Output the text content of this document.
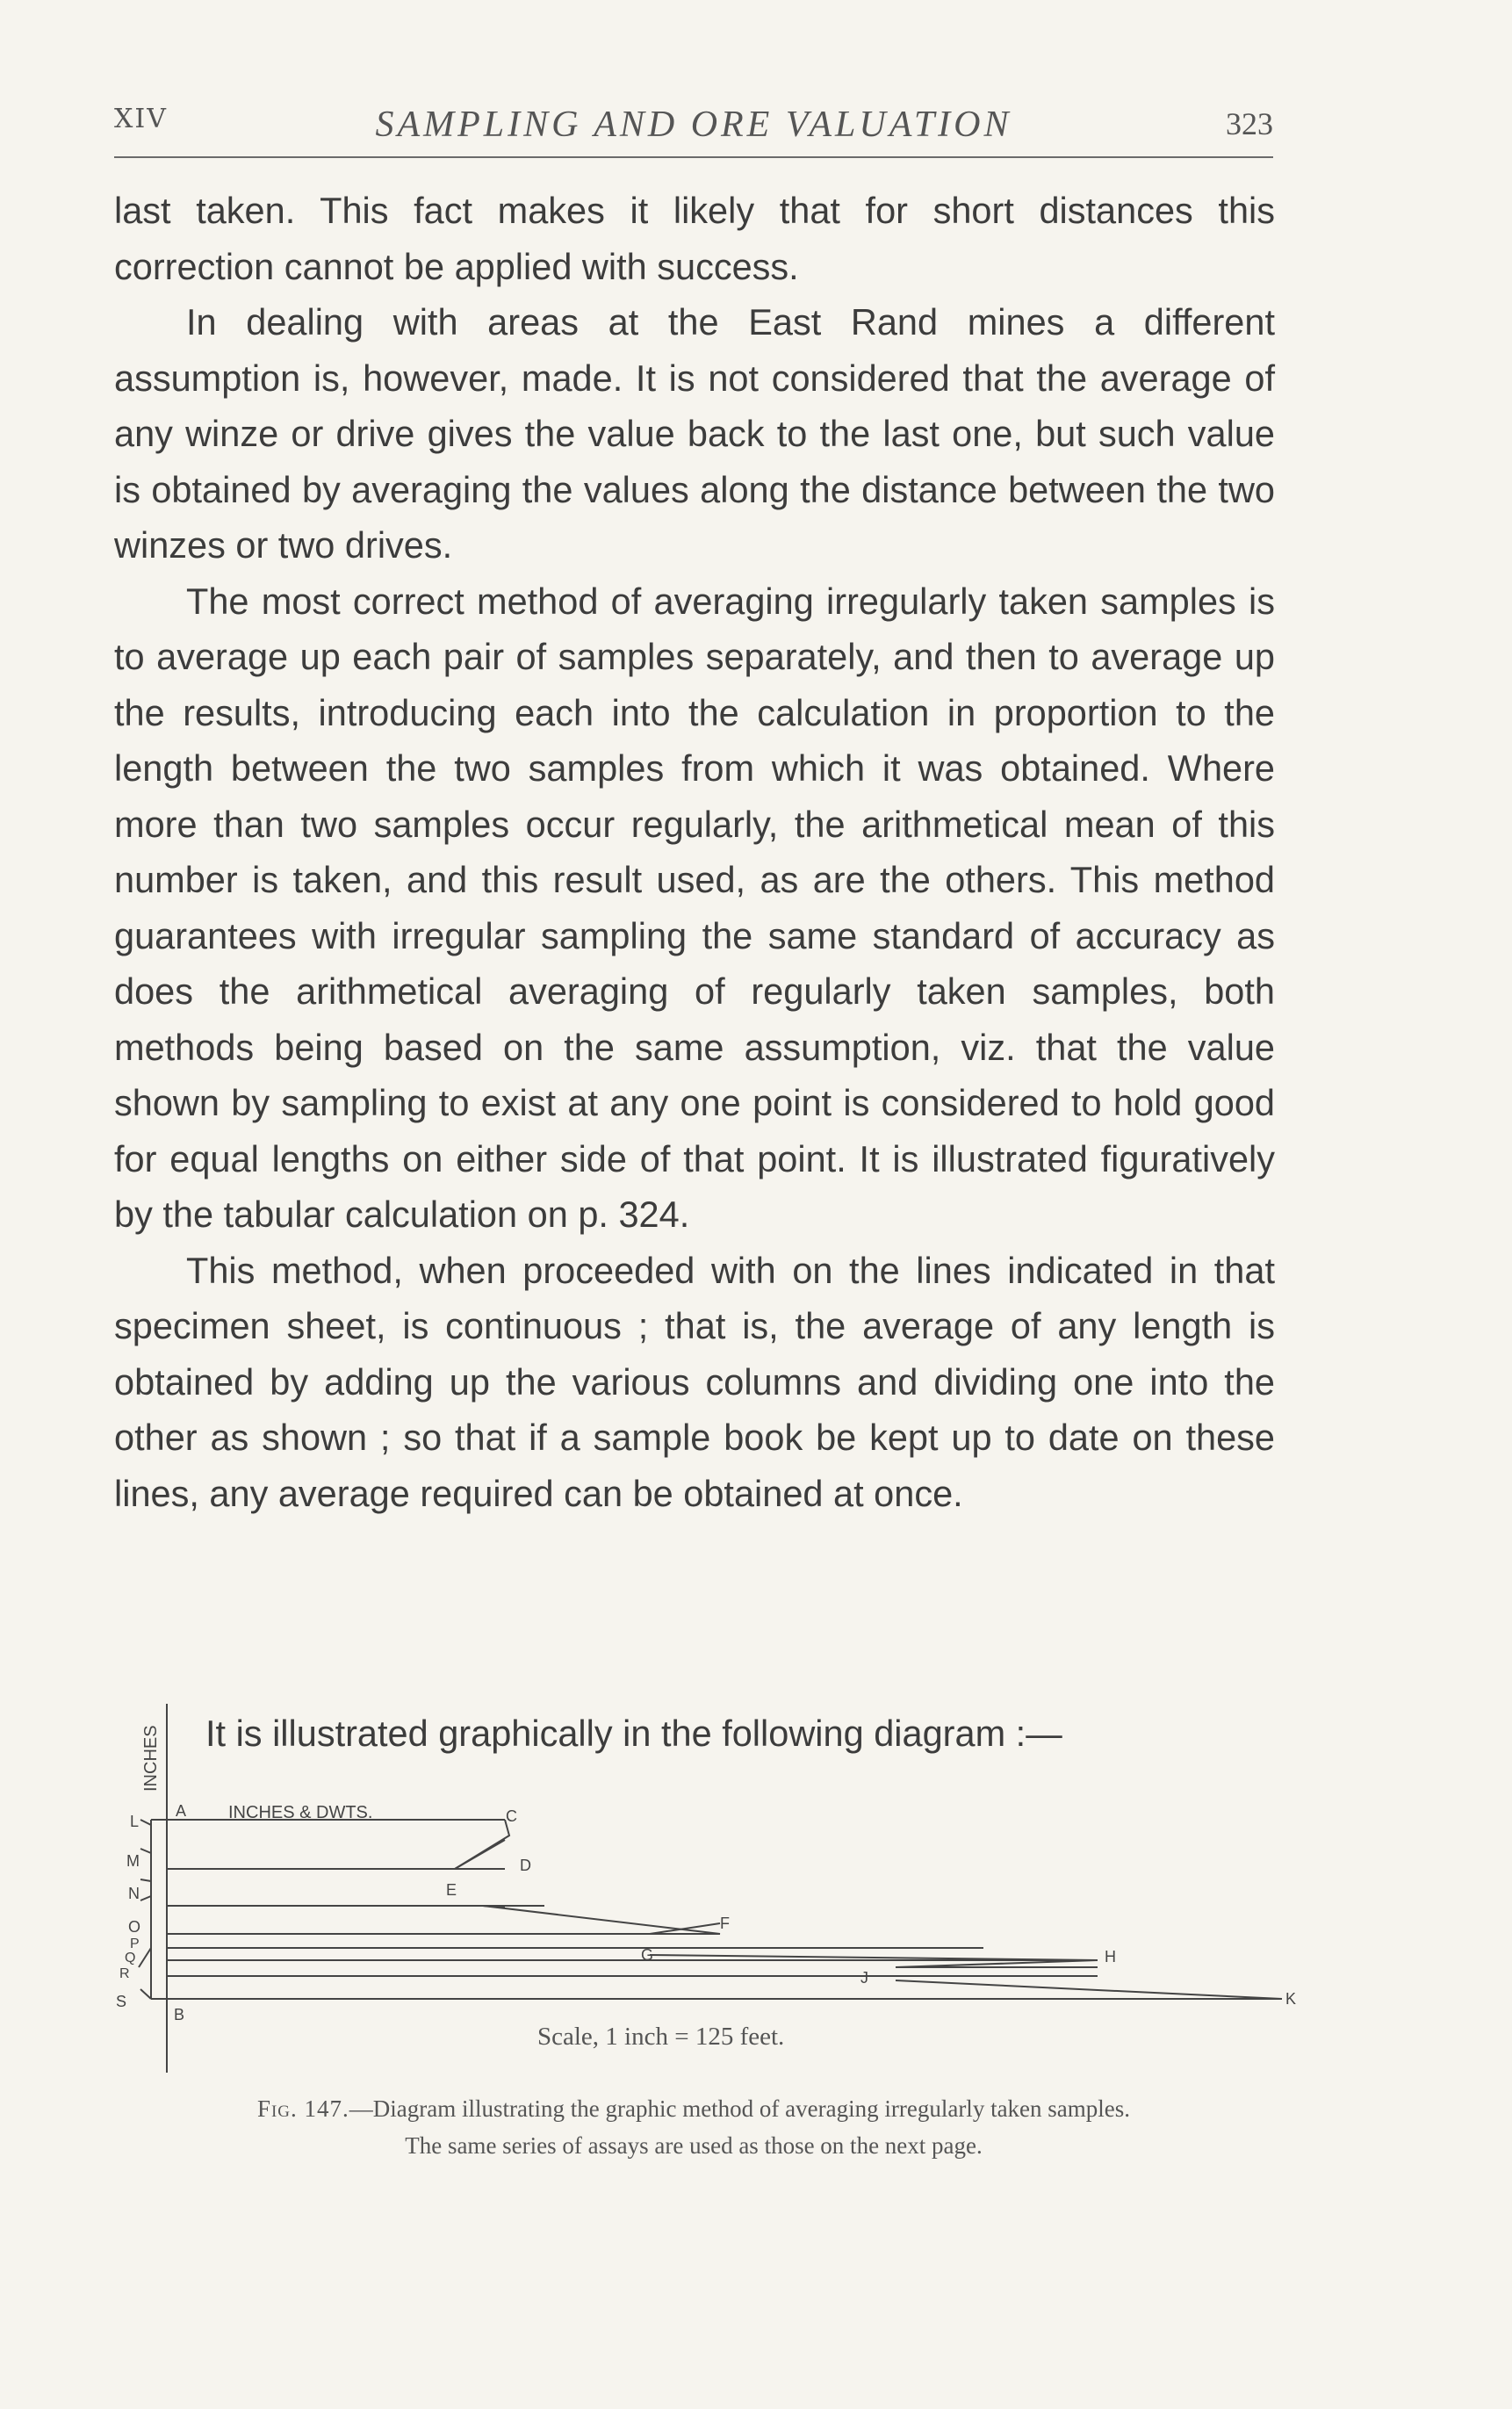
XIV	SAMPLING AND ORE VALUATION	323

last taken. This fact makes it likely that for short distances this correction cannot be applied with success.

In dealing with areas at the East Rand mines a different assumption is, however, made. It is not considered that the average of any winze or drive gives the value back to the last one, but such value is obtained by averaging the values along the distance between the two winzes or two drives.

The most correct method of averaging irregularly taken samples is to average up each pair of samples separately, and then to average up the results, introducing each into the calculation in proportion to the length between the two samples from which it was obtained. Where more than two samples occur regularly, the arithmetical mean of this number is taken, and this result used, as are the others. This method guarantees with irregular sampling the same standard of accuracy as does the arithmetical averaging of regularly taken samples, both methods being based on the same assumption, viz. that the value shown by sampling to exist at any one point is considered to hold good for equal lengths on either side of that point. It is illustrated figuratively by the tabular calculation on p. 324.

This method, when proceeded with on the lines indicated in that specimen sheet, is continuous ; that is, the average of any length is obtained by adding up the various columns and dividing one into the other as shown ; so that if a sample book be kept up to date on these lines, any average required can be obtained at once.

It is illustrated graphically in the following diagram :—
INCHES
INCHES & DWTS.
L
M
N
O
P
Q
R
S
A
B
C
D
E
F
G	H
J
K
Scale, 1 inch = 125 feet.
Fig. 147.—Diagram illustrating the graphic method of averaging irregularly taken samples.
The same series of assays are used as those on the next page.
